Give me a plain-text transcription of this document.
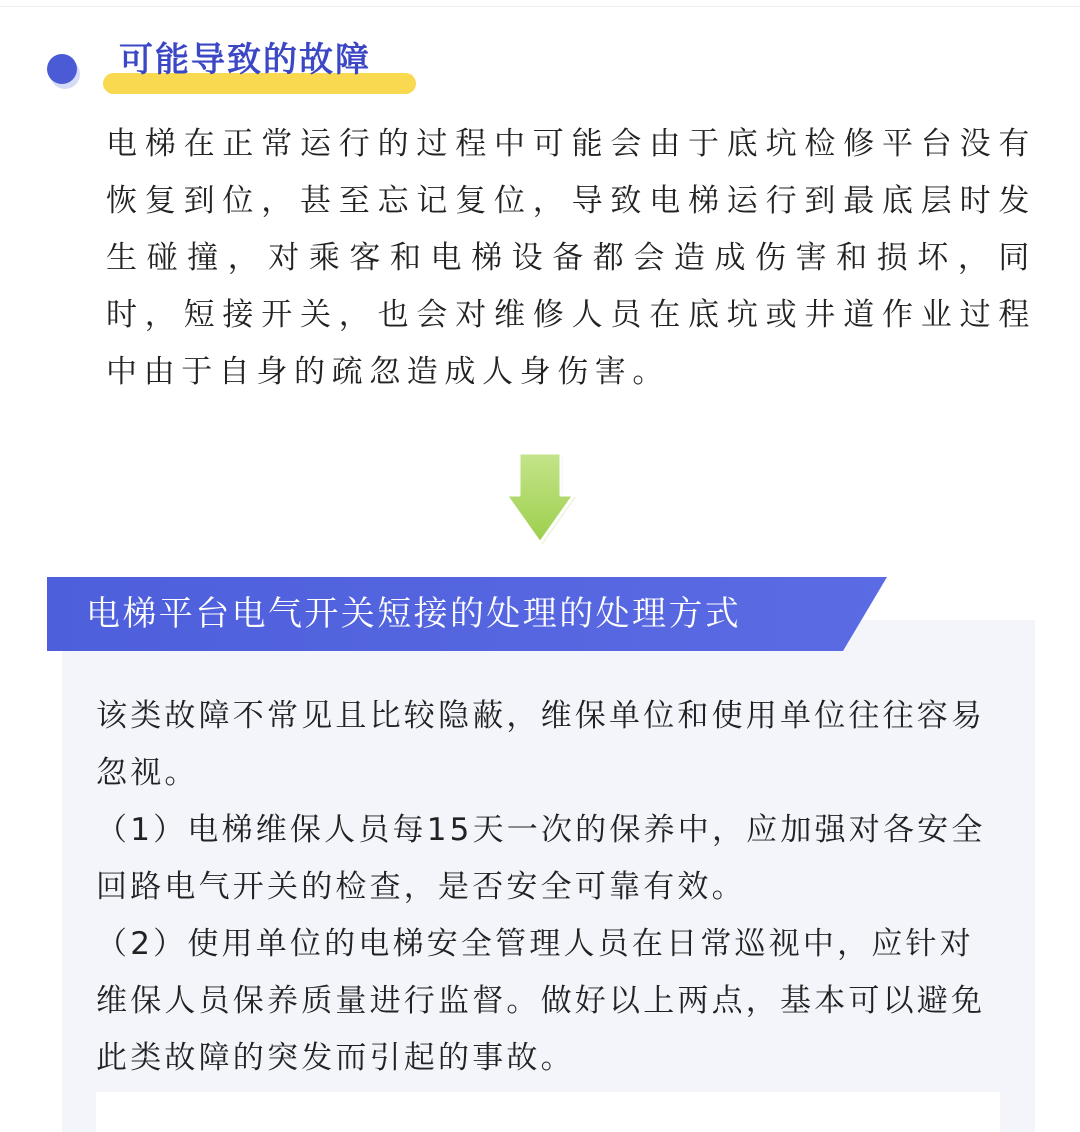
可能导致的故障
电梯在正常运行的过程中可能会由于底坑检修平台没有恢复到位，甚至忘记复位，导致电梯运行到最底层时发生碰撞，对乘客和电梯设备都会造成伤害和损坏，同时，短接开关，也会对维修人员在底坑或井道作业过程中由于自身的疏忽造成人身伤害。
电梯平台电气开关短接的处理的处理方式

该类故障不常见且比较隐蔽，维保单位和使用单位往往容易忽视。

（1）电梯维保人员每15天一次的保养中，应加强对各安全回路电气开关的检查，是否安全可靠有效。

（2）使用单位的电梯安全管理人员在日常巡视中，应针对维保人员保养质量进行监督。做好以上两点，基本可以避免此类故障的突发而引起的事故。
